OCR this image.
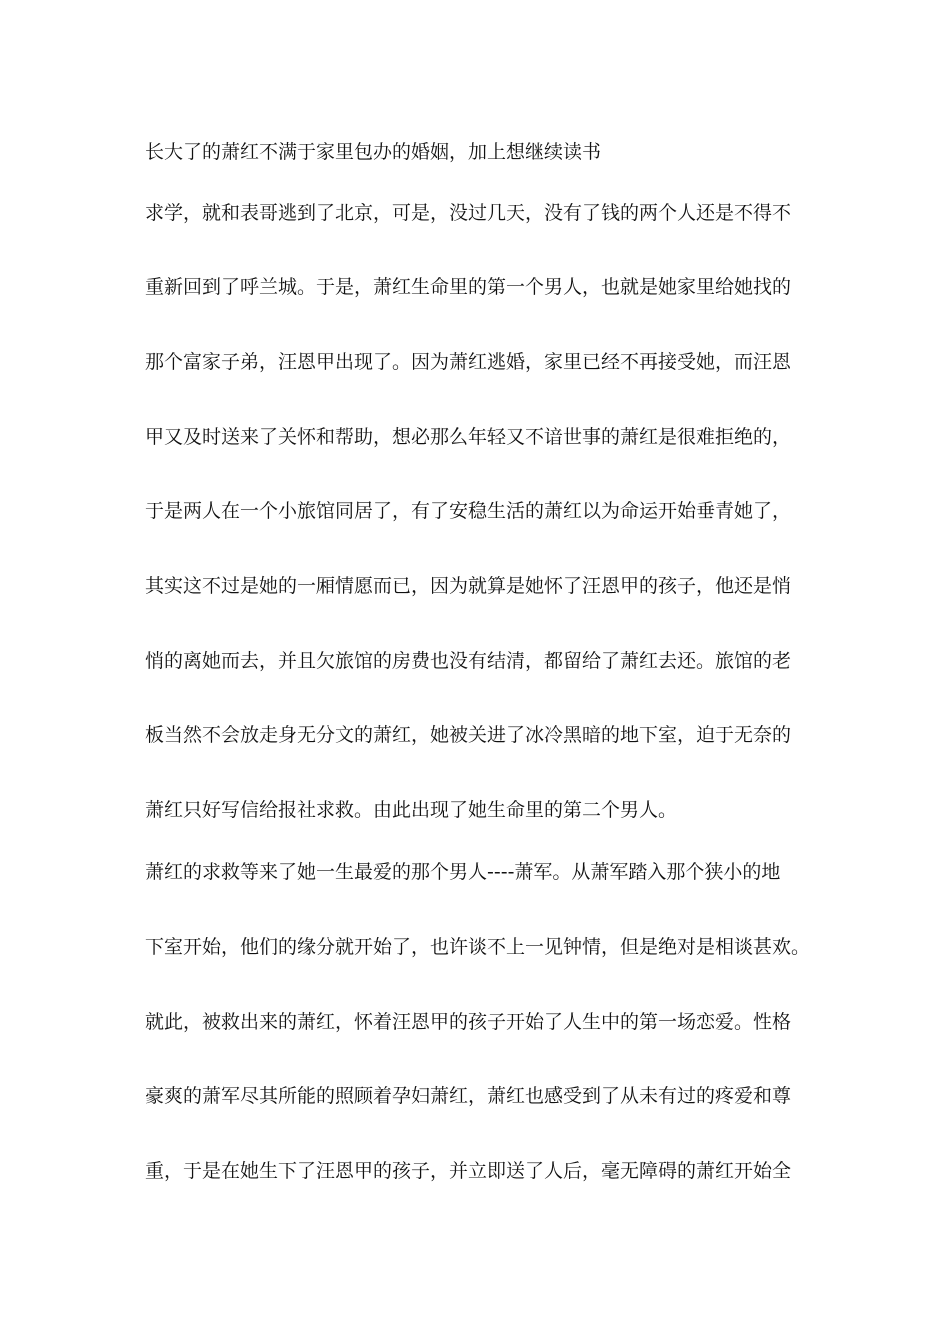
长大了的萧红不满于家里包办的婚姻，加上想继续读书
求学，就和表哥逃到了北京，可是，没过几天，没有了钱的两个人还是不得不
重新回到了呼兰城。于是，萧红生命里的第一个男人，也就是她家里给她找的
那个富家子弟，汪恩甲出现了。因为萧红逃婚，家里已经不再接受她，而汪恩
甲又及时送来了关怀和帮助，想必那么年轻又不谙世事的萧红是很难拒绝的，
于是两人在一个小旅馆同居了，有了安稳生活的萧红以为命运开始垂青她了，
其实这不过是她的一厢情愿而已，因为就算是她怀了汪恩甲的孩子，他还是悄
悄的离她而去，并且欠旅馆的房费也没有结清，都留给了萧红去还。旅馆的老
板当然不会放走身无分文的萧红，她被关进了冰冷黑暗的地下室，迫于无奈的
萧红只好写信给报社求救。由此出现了她生命里的第二个男人。
萧红的求救等来了她一生最爱的那个男人----萧军。从萧军踏入那个狭小的地
下室开始，他们的缘分就开始了，也许谈不上一见钟情，但是绝对是相谈甚欢。
就此，被救出来的萧红，怀着汪恩甲的孩子开始了人生中的第一场恋爱。性格
豪爽的萧军尽其所能的照顾着孕妇萧红，萧红也感受到了从未有过的疼爱和尊
重，于是在她生下了汪恩甲的孩子，并立即送了人后，毫无障碍的萧红开始全
